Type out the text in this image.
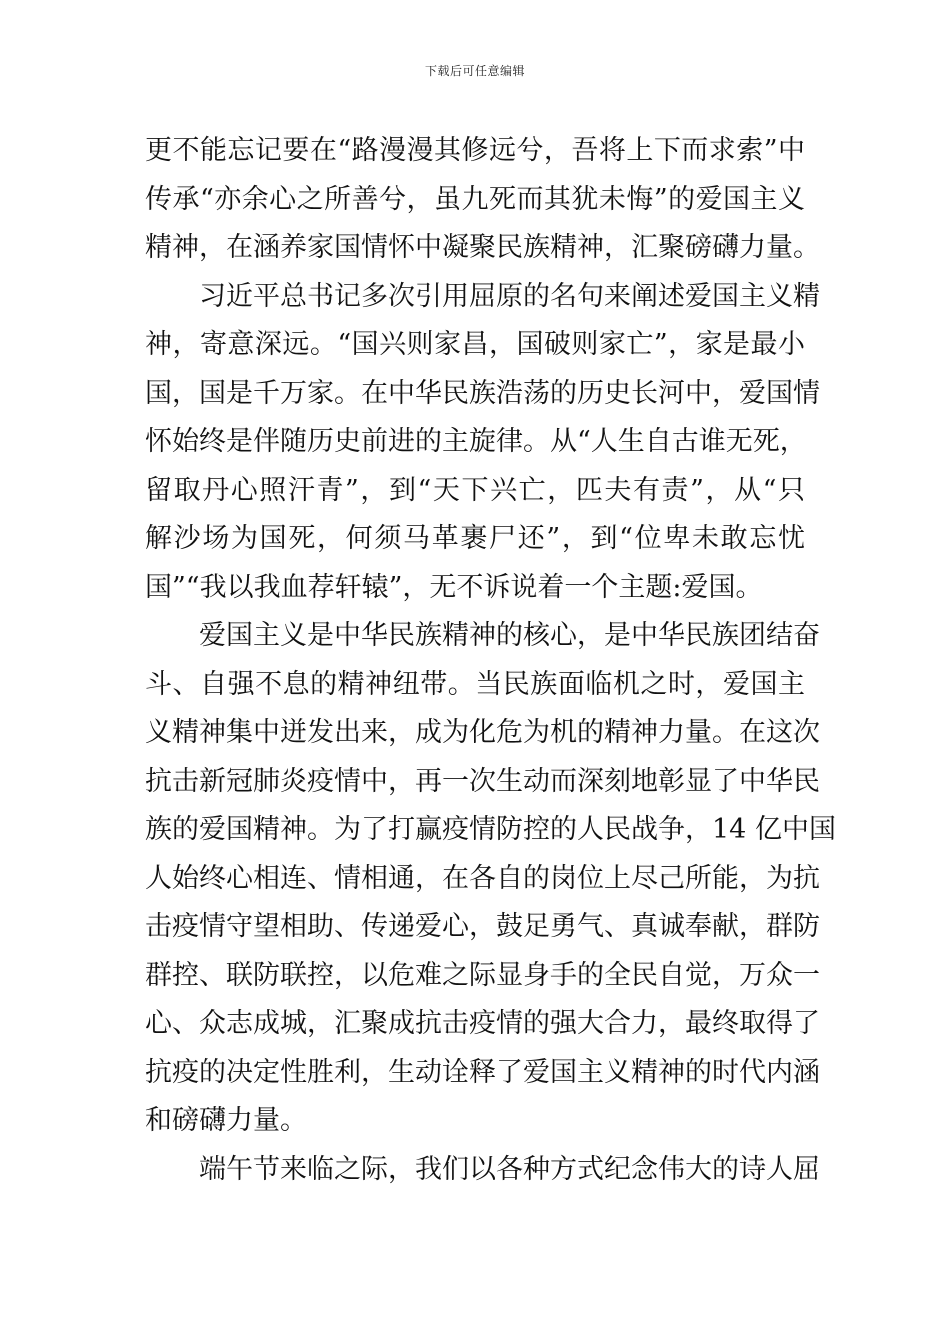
下载后可任意编辑
更不能忘记要在“路漫漫其修远兮，吾将上下而求索”中
传承“亦余心之所善兮，虽九死而其犹未悔”的爱国主义
精神，在涵养家国情怀中凝聚民族精神，汇聚磅礴力量。
习近平总书记多次引用屈原的名句来阐述爱国主义精
神，寄意深远。“国兴则家昌，国破则家亡”，家是最小
国，国是千万家。在中华民族浩荡的历史长河中，爱国情
怀始终是伴随历史前进的主旋律。从“人生自古谁无死，
留取丹心照汗青”，到“天下兴亡，匹夫有责”，从“只
解沙场为国死，何须马革裹尸还”，到“位卑未敢忘忧
国”“我以我血荐轩辕”，无不诉说着一个主题:爱国。
爱国主义是中华民族精神的核心，是中华民族团结奋
斗、自强不息的精神纽带。当民族面临机之时，爱国主
义精神集中迸发出来，成为化危为机的精神力量。在这次
抗击新冠肺炎疫情中，再一次生动而深刻地彰显了中华民
族的爱国精神。为了打赢疫情防控的人民战争，14 亿中国
人始终心相连、情相通，在各自的岗位上尽己所能，为抗
击疫情守望相助、传递爱心，鼓足勇气、真诚奉献，群防
群控、联防联控，以危难之际显身手的全民自觉，万众一
心、众志成城，汇聚成抗击疫情的强大合力，最终取得了
抗疫的决定性胜利，生动诠释了爱国主义精神的时代内涵
和磅礴力量。
端午节来临之际，我们以各种方式纪念伟大的诗人屈
